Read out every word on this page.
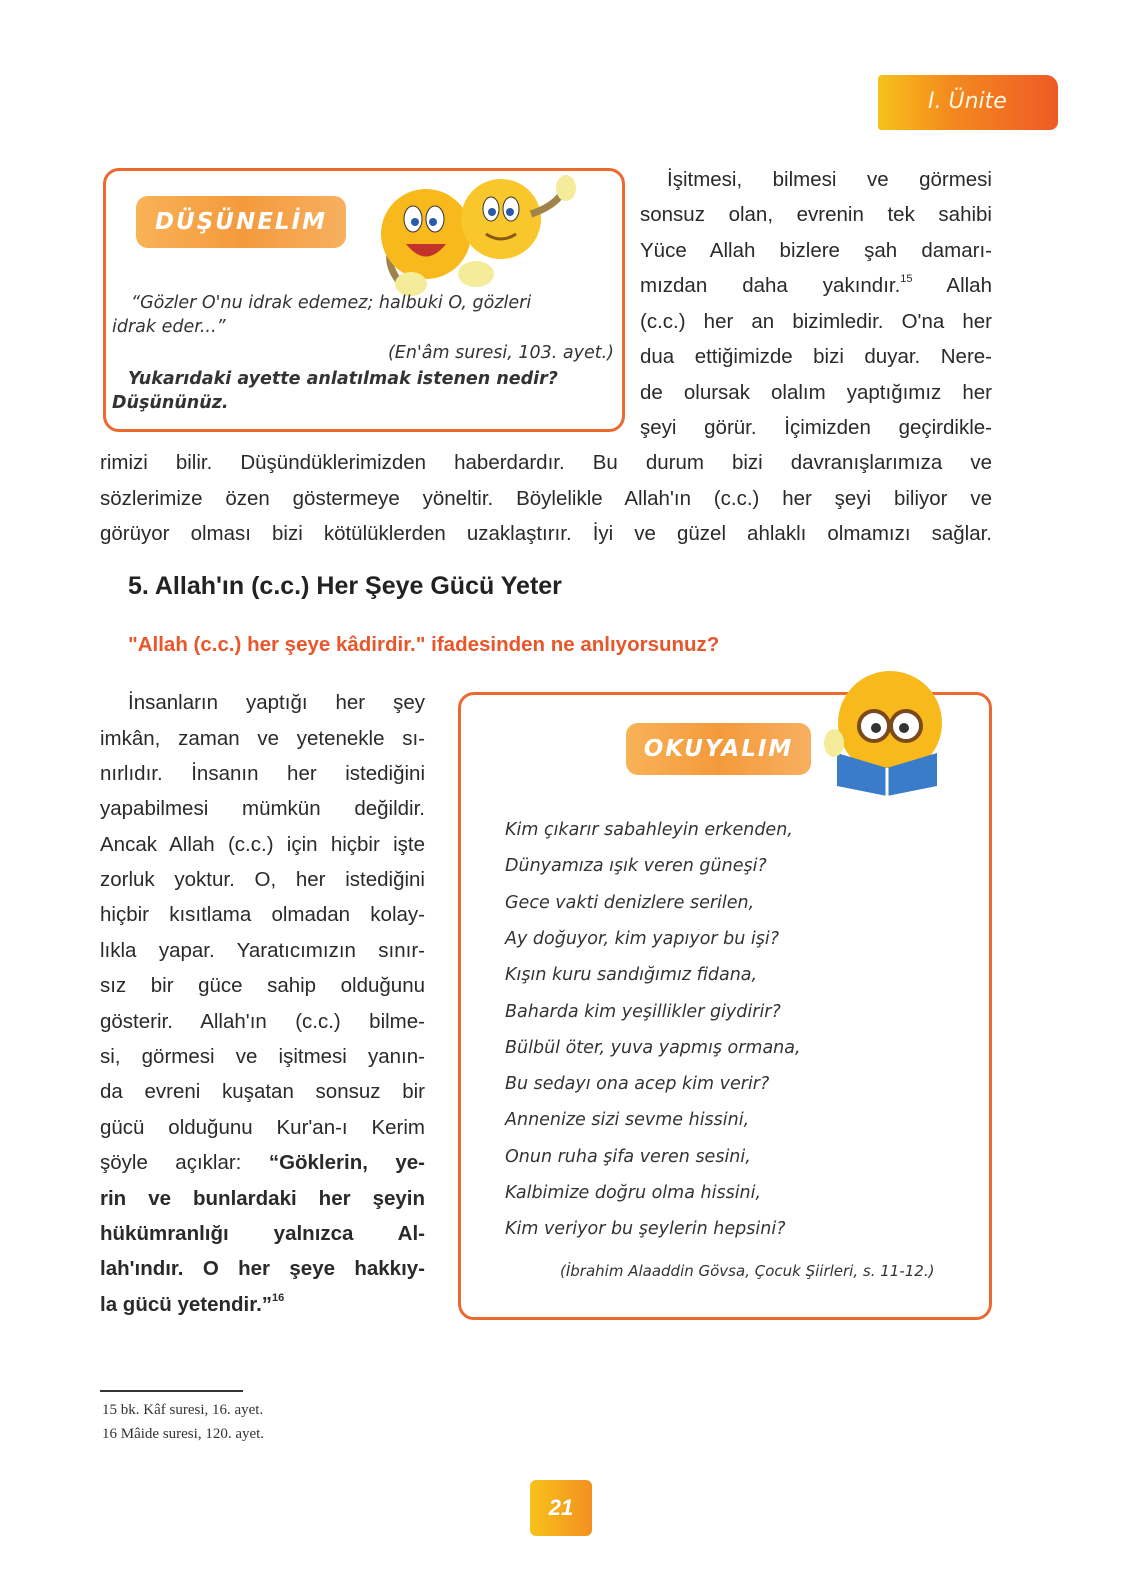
I. Ünite
DÜŞÜNELİM
“Gözler O'nu idrak edemez; halbuki O, gözleri
idrak eder...”
(En'âm suresi, 103. ayet.)
Yukarıdaki ayette anlatılmak istenen nedir?
Düşününüz.
İşitmesi, bilmesi ve görmesi
sonsuz olan, evrenin tek sahibi
Yüce Allah bizlere şah damarı-
mızdan daha yakındır.$^{15}$ Allah
(c.c.) her an bizimledir. O'na her
dua ettiğimizde bizi duyar. Nere-
de olursak olalım yaptığımız her
şeyi görür. İçimizden geçirdikle-
rimizi bilir. Düşündüklerimizden haberdardır. Bu durum bizi davranışlarımıza ve
sözlerimize özen göstermeye yöneltir. Böylelikle Allah'ın (c.c.) her şeyi biliyor ve
görüyor olması bizi kötülüklerden uzaklaştırır. İyi ve güzel ahlaklı olmamızı sağlar.
5. Allah'ın (c.c.) Her Şeye Gücü Yeter
"Allah (c.c.) her şeye kâdirdir." ifadesinden ne anlıyorsunuz?
İnsanların yaptığı her şey
imkân, zaman ve yetenekle sı-
nırlıdır. İnsanın her istediğini
yapabilmesi mümkün değildir.
Ancak Allah (c.c.) için hiçbir işte
zorluk yoktur. O, her istediğini
hiçbir kısıtlama olmadan kolay-
lıkla yapar. Yaratıcımızın sınır-
sız bir güce sahip olduğunu
gösterir. Allah'ın (c.c.) bilme-
si, görmesi ve işitmesi yanın-
da evreni kuşatan sonsuz bir
gücü olduğunu Kur'an-ı Kerim
şöyle açıklar: “Göklerin, ye-
rin ve bunlardaki her şeyin
hükümranlığı yalnızca Al-
lah'ındır. O her şeye hakkıy-
la gücü yetendir.”$^{16}$
OKUYALIM
Kim çıkarır sabahleyin erkenden,
Dünyamıza ışık veren güneşi?
Gece vakti denizlere serilen,
Ay doğuyor, kim yapıyor bu işi?
Kışın kuru sandığımız fidana,
Baharda kim yeşillikler giydirir?
Bülbül öter, yuva yapmış ormana,
Bu sedayı ona acep kim verir?
Annenize sizi sevme hissini,
Onun ruha şifa veren sesini,
Kalbimize doğru olma hissini,
Kim veriyor bu şeylerin hepsini?
(İbrahim Alaaddin Gövsa, Çocuk Şiirleri, s. 11-12.)
15 bk. Kâf suresi, 16. ayet.
16 Mâide suresi, 120. ayet.
21
